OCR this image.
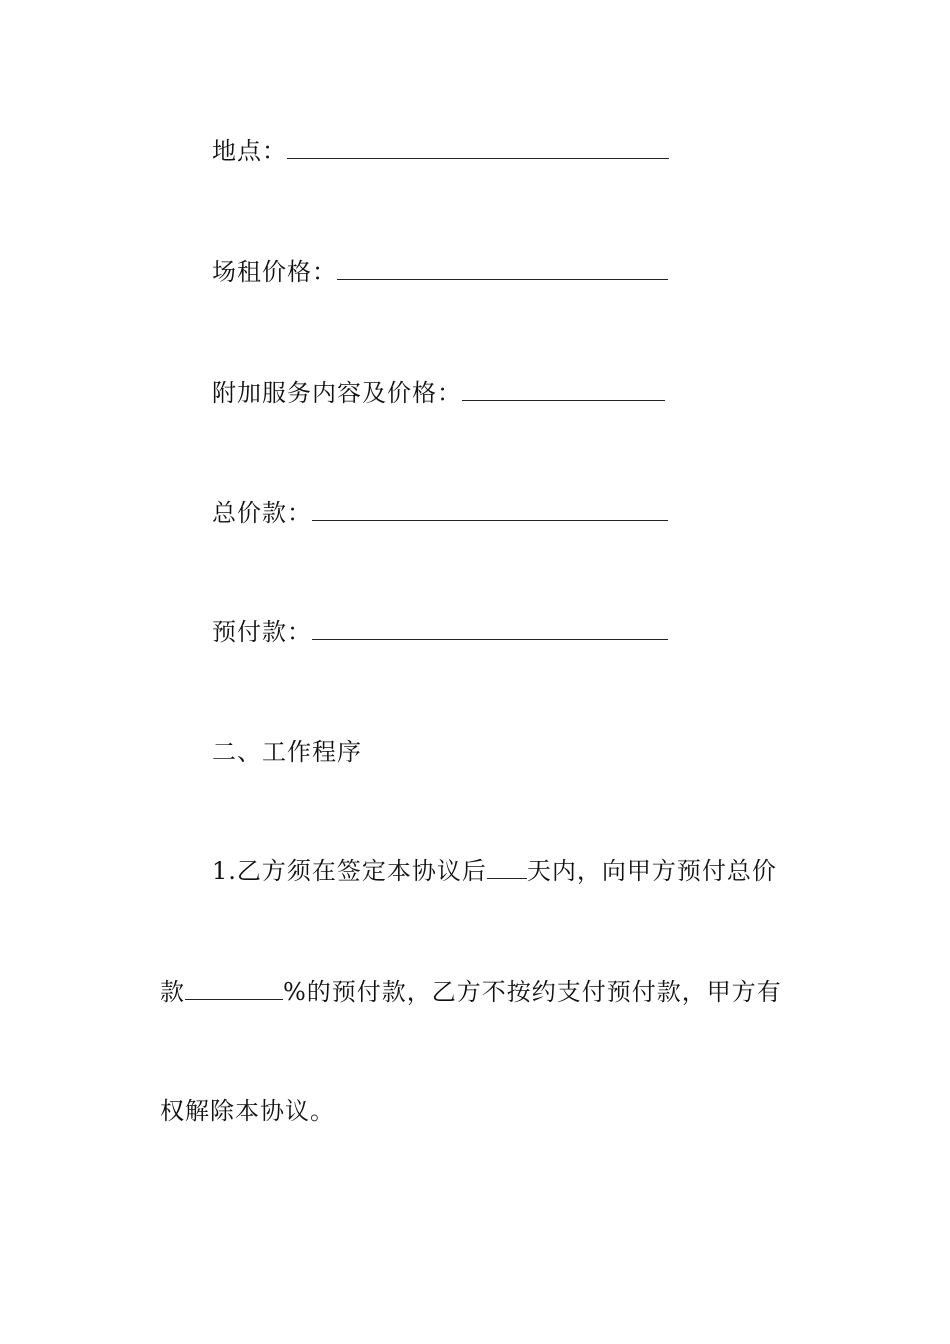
地点：
场租价格：
附加服务内容及价格：
总价款：
预付款：
二、工作程序
1.乙方须在签定本协议后 天内，向甲方预付总价
款	%的预付款，乙方不按约支付预付款，甲方有
权解除本协议。
